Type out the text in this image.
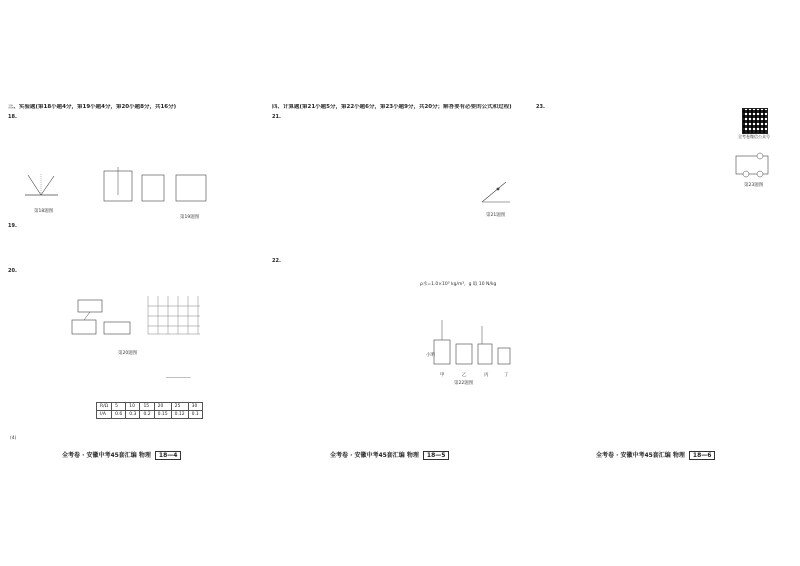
三、实验题(第18小题4分，第19小题4分，第20小题8分，共16分)

18.

第18题图
第19题图

19.

20.

第20题图
___________
R/Ω	5	10	15	20	25	30
I/A	0.6	0.3	0.2	0.15	0.12	0.1
(4)

四、计算题(第21小题5分，第22小题6分，第23小题9分，共20分；解答要有必要的公式和过程)

21.

第21题图

22.

ρ水=1.0×10³ kg/m³，g 取 10 N/kg
小明
甲	乙	丙	丁
第22题图

23.

全考卷微信公众号
第23题图
全考卷 · 安徽中考45套汇编 物理 18—4	全考卷 · 安徽中考45套汇编 物理 18—5	全考卷 · 安徽中考45套汇编 物理 18—6
